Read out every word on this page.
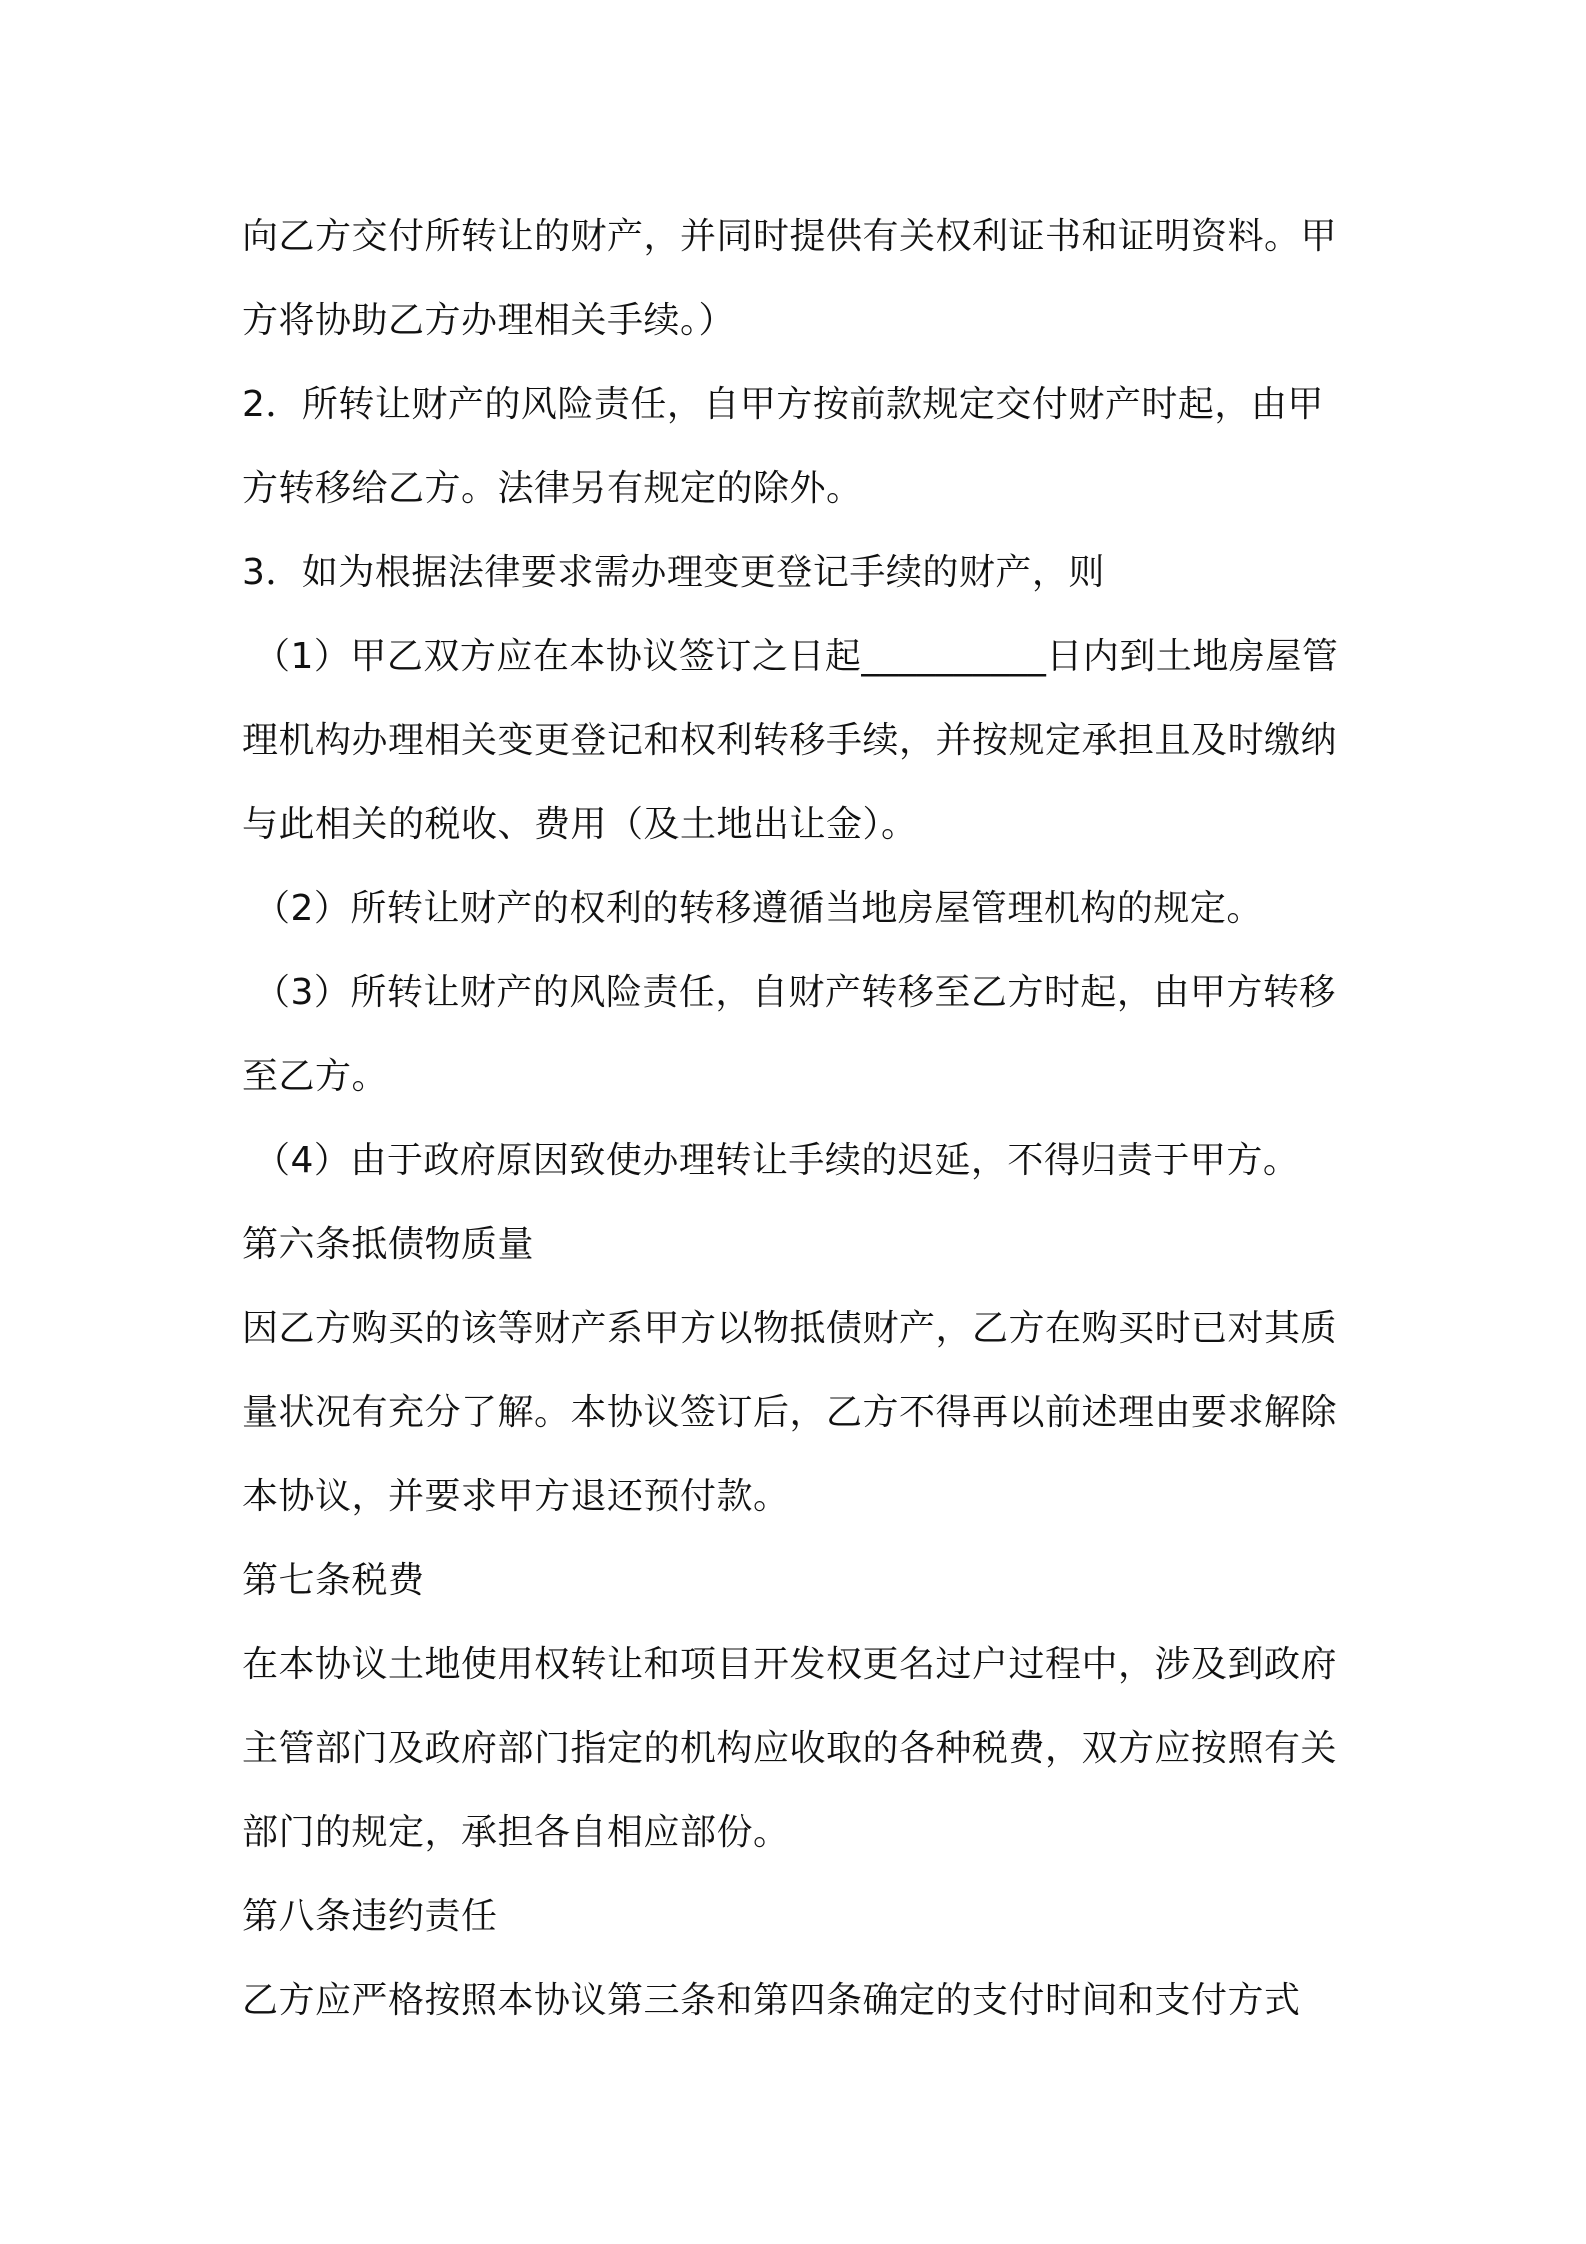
向乙方交付所转让的财产，并同时提供有关权利证书和证明资料。甲
方将协助乙方办理相关手续。）
2．所转让财产的风险责任，自甲方按前款规定交付财产时起，由甲
方转移给乙方。法律另有规定的除外。
3．如为根据法律要求需办理变更登记手续的财产，则
（1）甲乙双方应在本协议签订之日起__________日内到土地房屋管
理机构办理相关变更登记和权利转移手续，并按规定承担且及时缴纳
与此相关的税收、费用（及土地出让金）。
（2）所转让财产的权利的转移遵循当地房屋管理机构的规定。
（3）所转让财产的风险责任，自财产转移至乙方时起，由甲方转移
至乙方。
（4）由于政府原因致使办理转让手续的迟延，不得归责于甲方。
第六条抵债物质量
因乙方购买的该等财产系甲方以物抵债财产，乙方在购买时已对其质
量状况有充分了解。本协议签订后，乙方不得再以前述理由要求解除
本协议，并要求甲方退还预付款。
第七条税费
在本协议土地使用权转让和项目开发权更名过户过程中，涉及到政府
主管部门及政府部门指定的机构应收取的各种税费，双方应按照有关
部门的规定，承担各自相应部份。
第八条违约责任
乙方应严格按照本协议第三条和第四条确定的支付时间和支付方式
